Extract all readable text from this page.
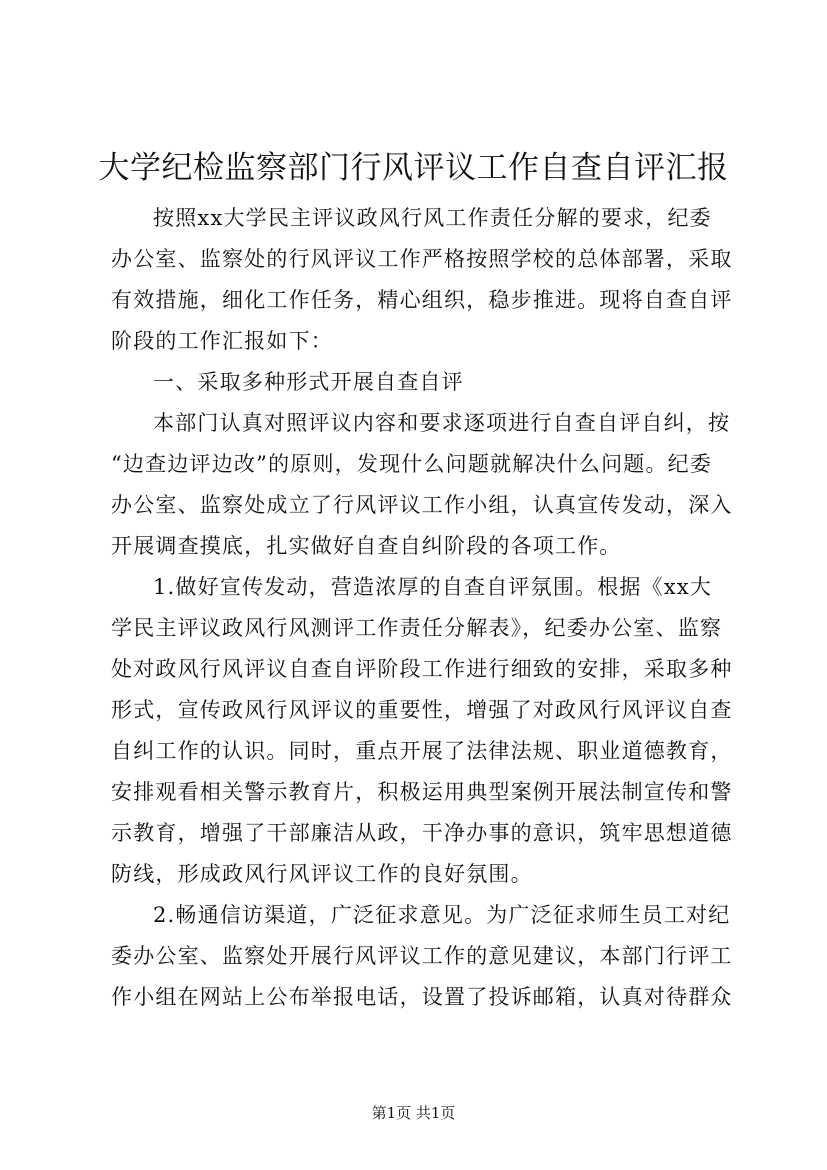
大学纪检监察部门行风评议工作自查自评汇报
按照xx大学民主评议政风行风工作责任分解的要求，纪委
办公室、监察处的行风评议工作严格按照学校的总体部署，采取
有效措施，细化工作任务，精心组织，稳步推进。现将自查自评
阶段的工作汇报如下：
一、采取多种形式开展自查自评
本部门认真对照评议内容和要求逐项进行自查自评自纠，按
“边查边评边改”的原则，发现什么问题就解决什么问题。纪委
办公室、监察处成立了行风评议工作小组，认真宣传发动，深入
开展调查摸底，扎实做好自查自纠阶段的各项工作。
1.做好宣传发动，营造浓厚的自查自评氛围。根据《xx大
学民主评议政风行风测评工作责任分解表》，纪委办公室、监察
处对政风行风评议自查自评阶段工作进行细致的安排，采取多种
形式，宣传政风行风评议的重要性，增强了对政风行风评议自查
自纠工作的认识。同时，重点开展了法律法规、职业道德教育，
安排观看相关警示教育片，积极运用典型案例开展法制宣传和警
示教育，增强了干部廉洁从政，干净办事的意识，筑牢思想道德
防线，形成政风行风评议工作的良好氛围。
2.畅通信访渠道，广泛征求意见。为广泛征求师生员工对纪
委办公室、监察处开展行风评议工作的意见建议，本部门行评工
作小组在网站上公布举报电话，设置了投诉邮箱，认真对待群众
第1页 共1页
